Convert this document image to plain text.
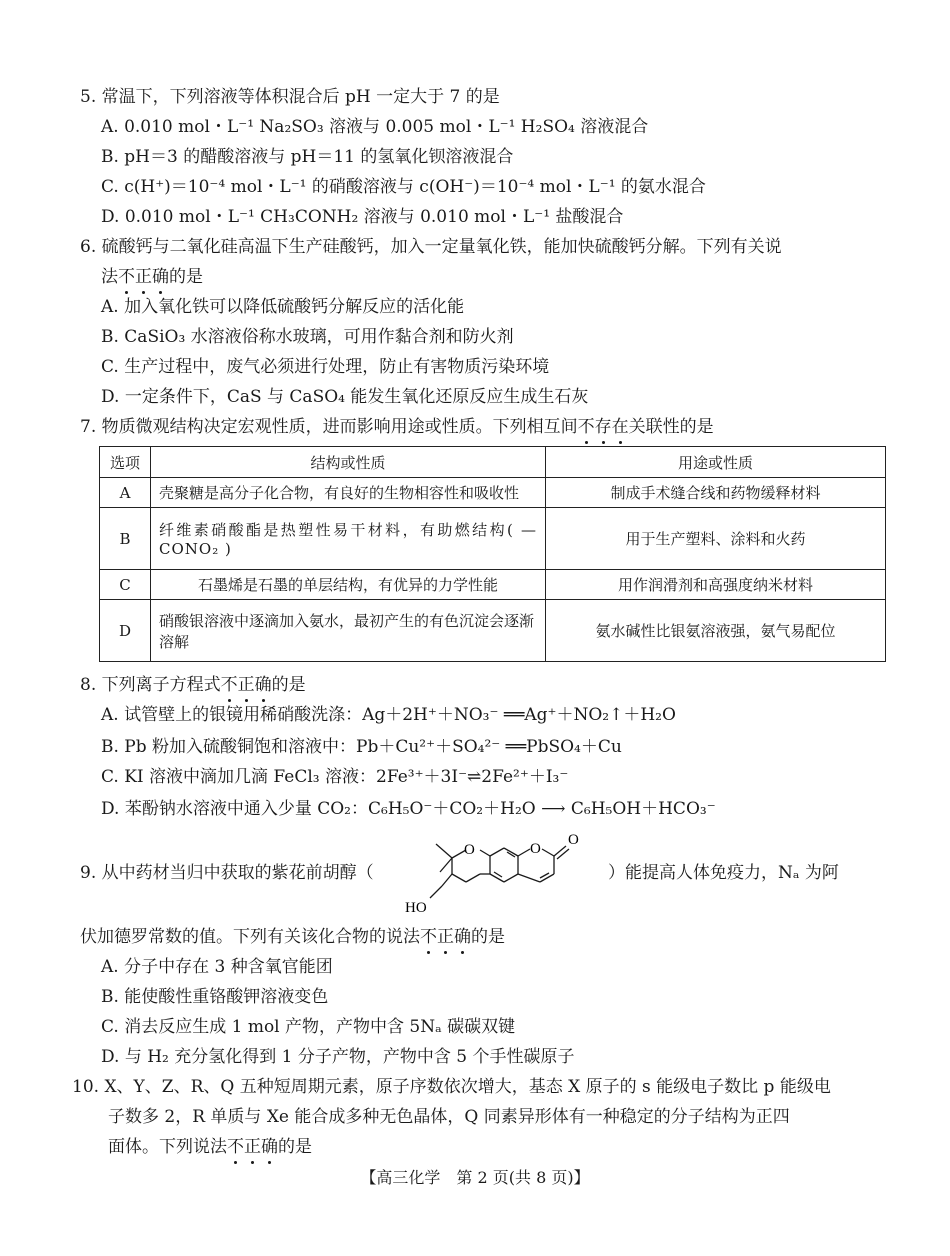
5. 常温下，下列溶液等体积混合后 pH 一定大于 7 的是
A. 0.010 mol・L⁻¹ Na₂SO₃ 溶液与 0.005 mol・L⁻¹ H₂SO₄ 溶液混合
B. pH＝3 的醋酸溶液与 pH＝11 的氢氧化钡溶液混合
C. c(H⁺)＝10⁻⁴ mol・L⁻¹ 的硝酸溶液与 c(OH⁻)＝10⁻⁴ mol・L⁻¹ 的氨水混合
D. 0.010 mol・L⁻¹ CH₃CONH₂ 溶液与 0.010 mol・L⁻¹ 盐酸混合
6. 硫酸钙与二氧化硅高温下生产硅酸钙，加入一定量氧化铁，能加快硫酸钙分解。下列有关说
法不正确的是
A. 加入氧化铁可以降低硫酸钙分解反应的活化能
B. CaSiO₃ 水溶液俗称水玻璃，可用作黏合剂和防火剂
C. 生产过程中，废气必须进行处理，防止有害物质污染环境
D. 一定条件下，CaS 与 CaSO₄ 能发生氧化还原反应生成生石灰
7. 物质微观结构决定宏观性质，进而影响用途或性质。下列相互间不存在关联性的是
选项	结构或性质	用途或性质
A	壳聚糖是高分子化合物，有良好的生物相容性和吸收性	制成手术缝合线和药物缓释材料
B	纤维素硝酸酯是热塑性易干材料，有助燃结构( —CONO₂ )	用于生产塑料、涂料和火药
C	石墨烯是石墨的单层结构，有优异的力学性能	用作润滑剂和高强度纳米材料
D	硝酸银溶液中逐滴加入氨水，最初产生的有色沉淀会逐渐溶解	氨水碱性比银氨溶液强，氨气易配位
8. 下列离子方程式不正确的是
A. 试管壁上的银镜用稀硝酸洗涤：Ag＋2H⁺＋NO₃⁻ ══Ag⁺＋NO₂↑＋H₂O
B. Pb 粉加入硫酸铜饱和溶液中：Pb＋Cu²⁺＋SO₄²⁻ ══PbSO₄＋Cu
C. KI 溶液中滴加几滴 FeCl₃ 溶液：2Fe³⁺＋3I⁻⇌2Fe²⁺＋I₃⁻
D. 苯酚钠水溶液中通入少量 CO₂：C₆H₅O⁻＋CO₂＋H₂O ⟶ C₆H₅OH＋HCO₃⁻
9. 从中药材当归中获取的紫花前胡醇（	）能提高人体免疫力，Nₐ 为阿
O	O
O
HO
伏加德罗常数的值。下列有关该化合物的说法不正确的是
A. 分子中存在 3 种含氧官能团
B. 能使酸性重铬酸钾溶液变色
C. 消去反应生成 1 mol 产物，产物中含 5Nₐ 碳碳双键
D. 与 H₂ 充分氢化得到 1 分子产物，产物中含 5 个手性碳原子
10. X、Y、Z、R、Q 五种短周期元素，原子序数依次增大，基态 X 原子的 s 能级电子数比 p 能级电
子数多 2，R 单质与 Xe 能合成多种无色晶体，Q 同素异形体有一种稳定的分子结构为正四
面体。下列说法不正确的是
【高三化学　第 2 页(共 8 页)】
